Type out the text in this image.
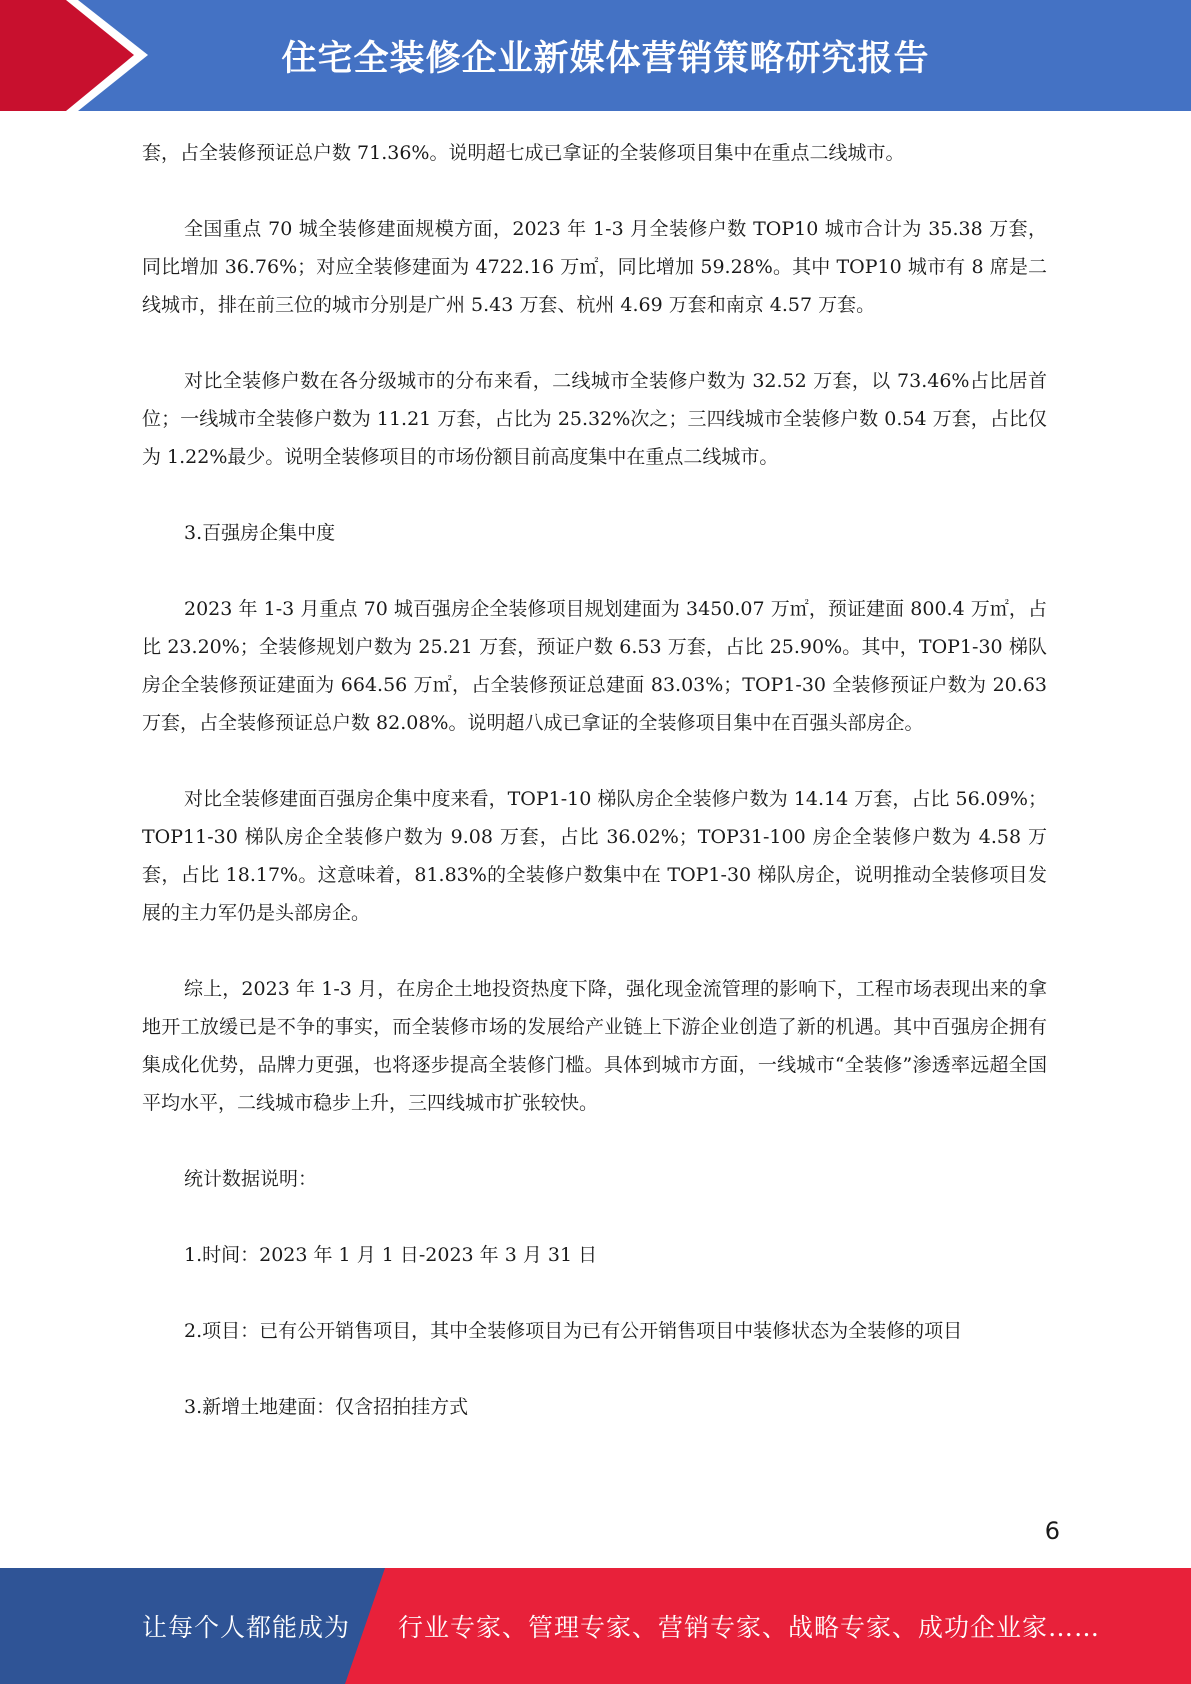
住宅全装修企业新媒体营销策略研究报告

套，占全装修预证总户数 71.36%。说明超七成已拿证的全装修项目集中在重点二线城市。

全国重点 70 城全装修建面规模方面，2023 年 1-3 月全装修户数 TOP10 城市合计为 35.38 万套，同比增加 36.76%；对应全装修建面为 4722.16 万㎡，同比增加 59.28%。其中 TOP10 城市有 8 席是二线城市，排在前三位的城市分别是广州 5.43 万套、杭州 4.69 万套和南京 4.57 万套。

对比全装修户数在各分级城市的分布来看，二线城市全装修户数为 32.52 万套，以 73.46%占比居首位；一线城市全装修户数为 11.21 万套，占比为 25.32%次之；三四线城市全装修户数 0.54 万套，占比仅为 1.22%最少。说明全装修项目的市场份额目前高度集中在重点二线城市。

3.百强房企集中度

2023 年 1-3 月重点 70 城百强房企全装修项目规划建面为 3450.07 万㎡，预证建面 800.4 万㎡，占比 23.20%；全装修规划户数为 25.21 万套，预证户数 6.53 万套，占比 25.90%。其中，TOP1-30 梯队房企全装修预证建面为 664.56 万㎡，占全装修预证总建面 83.03%；TOP1-30 全装修预证户数为 20.63 万套，占全装修预证总户数 82.08%。说明超八成已拿证的全装修项目集中在百强头部房企。

对比全装修建面百强房企集中度来看，TOP1-10 梯队房企全装修户数为 14.14 万套，占比 56.09%；TOP11-30 梯队房企全装修户数为 9.08 万套，占比 36.02%；TOP31-100 房企全装修户数为 4.58 万套，占比 18.17%。这意味着，81.83%的全装修户数集中在 TOP1-30 梯队房企，说明推动全装修项目发展的主力军仍是头部房企。

综上，2023 年 1-3 月，在房企土地投资热度下降，强化现金流管理的影响下，工程市场表现出来的拿地开工放缓已是不争的事实，而全装修市场的发展给产业链上下游企业创造了新的机遇。其中百强房企拥有集成化优势，品牌力更强，也将逐步提高全装修门槛。具体到城市方面，一线城市“全装修”渗透率远超全国平均水平，二线城市稳步上升，三四线城市扩张较快。

统计数据说明：

1.时间：2023 年 1 月 1 日-2023 年 3 月 31 日

2.项目：已有公开销售项目，其中全装修项目为已有公开销售项目中装修状态为全装修的项目

3.新增土地建面：仅含招拍挂方式

6
让每个人都能成为 行业专家、管理专家、营销专家、战略专家、成功企业家……
